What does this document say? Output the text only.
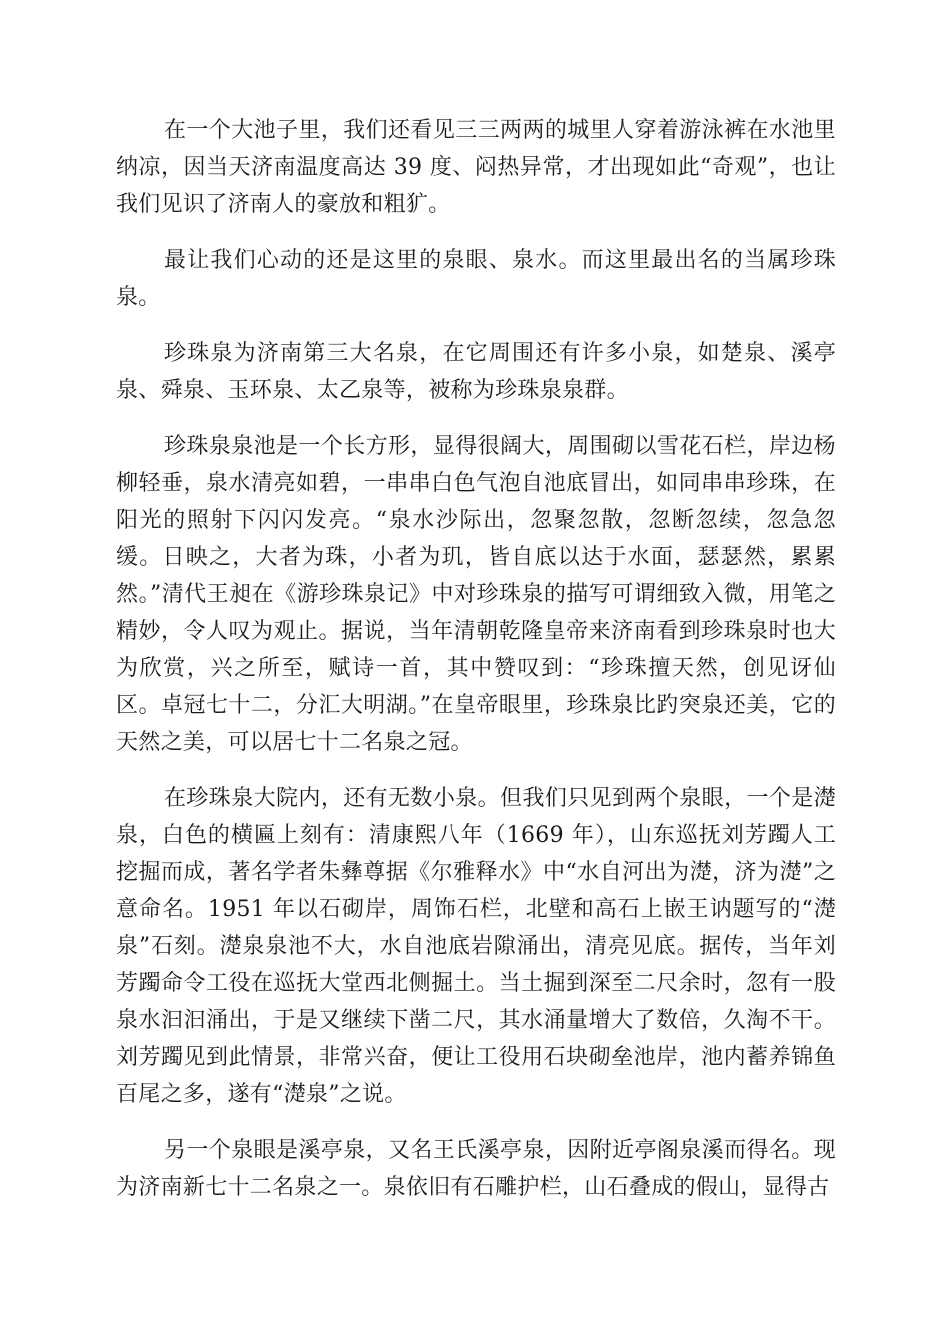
在一个大池子里，我们还看见三三两两的城里人穿着游泳裤在水池里纳凉，因当天济南温度高达 39 度、闷热异常，才出现如此“奇观”，也让我们见识了济南人的豪放和粗犷。

最让我们心动的还是这里的泉眼、泉水。而这里最出名的当属珍珠泉。

珍珠泉为济南第三大名泉，在它周围还有许多小泉，如楚泉、溪亭泉、舜泉、玉环泉、太乙泉等，被称为珍珠泉泉群。

珍珠泉泉池是一个长方形，显得很阔大，周围砌以雪花石栏，岸边杨柳轻垂，泉水清亮如碧，一串串白色气泡自池底冒出，如同串串珍珠，在阳光的照射下闪闪发亮。“泉水沙际出，忽聚忽散，忽断忽续，忽急忽缓。日映之，大者为珠，小者为玑，皆自底以达于水面，瑟瑟然，累累然。”清代王昶在《游珍珠泉记》中对珍珠泉的描写可谓细致入微，用笔之精妙，令人叹为观止。据说，当年清朝乾隆皇帝来济南看到珍珠泉时也大为欣赏，兴之所至，赋诗一首，其中赞叹到：“珍珠擅天然，创见讶仙区。卓冠七十二，分汇大明湖。”在皇帝眼里，珍珠泉比趵突泉还美，它的天然之美，可以居七十二名泉之冠。

在珍珠泉大院内，还有无数小泉。但我们只见到两个泉眼，一个是濋泉，白色的横匾上刻有：清康熙八年（1669 年），山东巡抚刘芳躅人工挖掘而成，著名学者朱彝尊据《尔雅释水》中“水自河出为濋，济为濋”之意命名。1951 年以石砌岸，周饰石栏，北壁和高石上嵌王讷题写的“濋泉”石刻。濋泉泉池不大，水自池底岩隙涌出，清亮见底。据传，当年刘芳躅命令工役在巡抚大堂西北侧掘土。当土掘到深至二尺余时，忽有一股泉水汩汩涌出，于是又继续下凿二尺，其水涌量增大了数倍，久淘不干。刘芳躅见到此情景，非常兴奋，便让工役用石块砌垒池岸，池内蓄养锦鱼百尾之多，遂有“濋泉”之说。

另一个泉眼是溪亭泉，又名王氏溪亭泉，因附近亭阁泉溪而得名。现为济南新七十二名泉之一。泉依旧有石雕护栏，山石叠成的假山，显得古
